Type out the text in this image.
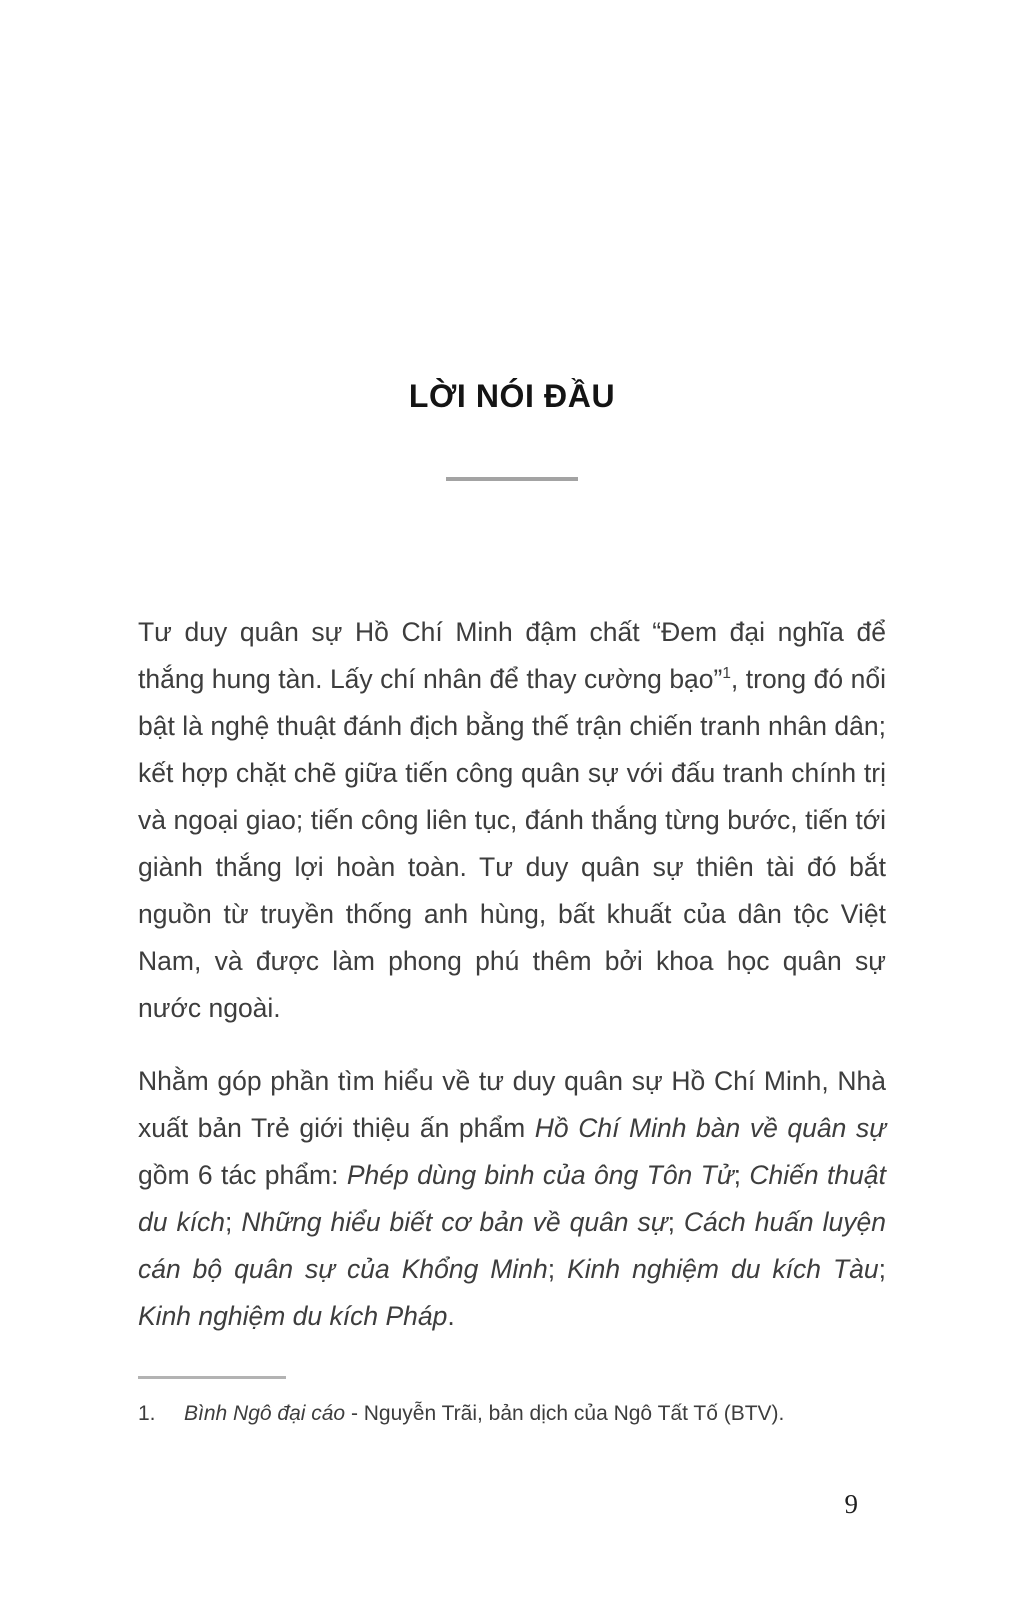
LỜI NÓI ĐẦU

Tư duy quân sự Hồ Chí Minh đậm chất “Đem đại nghĩa để thắng hung tàn. Lấy chí nhân để thay cường bạo”$^1$, trong đó nổi bật là nghệ thuật đánh địch bằng thế trận chiến tranh nhân dân; kết hợp chặt chẽ giữa tiến công quân sự với đấu tranh chính trị và ngoại giao; tiến công liên tục, đánh thắng từng bước, tiến tới giành thắng lợi hoàn toàn. Tư duy quân sự thiên tài đó bắt nguồn từ truyền thống anh hùng, bất khuất của dân tộc Việt Nam, và được làm phong phú thêm bởi khoa học quân sự nước ngoài.

Nhằm góp phần tìm hiểu về tư duy quân sự Hồ Chí Minh, Nhà xuất bản Trẻ giới thiệu ấn phẩm Hồ Chí Minh bàn về quân sự gồm 6 tác phẩm: Phép dùng binh của ông Tôn Tử; Chiến thuật du kích; Những hiểu biết cơ bản về quân sự; Cách huấn luyện cán bộ quân sự của Khổng Minh; Kinh nghiệm du kích Tàu; Kinh nghiệm du kích Pháp.

1.	Bình Ngô đại cáo - Nguyễn Trãi, bản dịch của Ngô Tất Tố (BTV).
9
